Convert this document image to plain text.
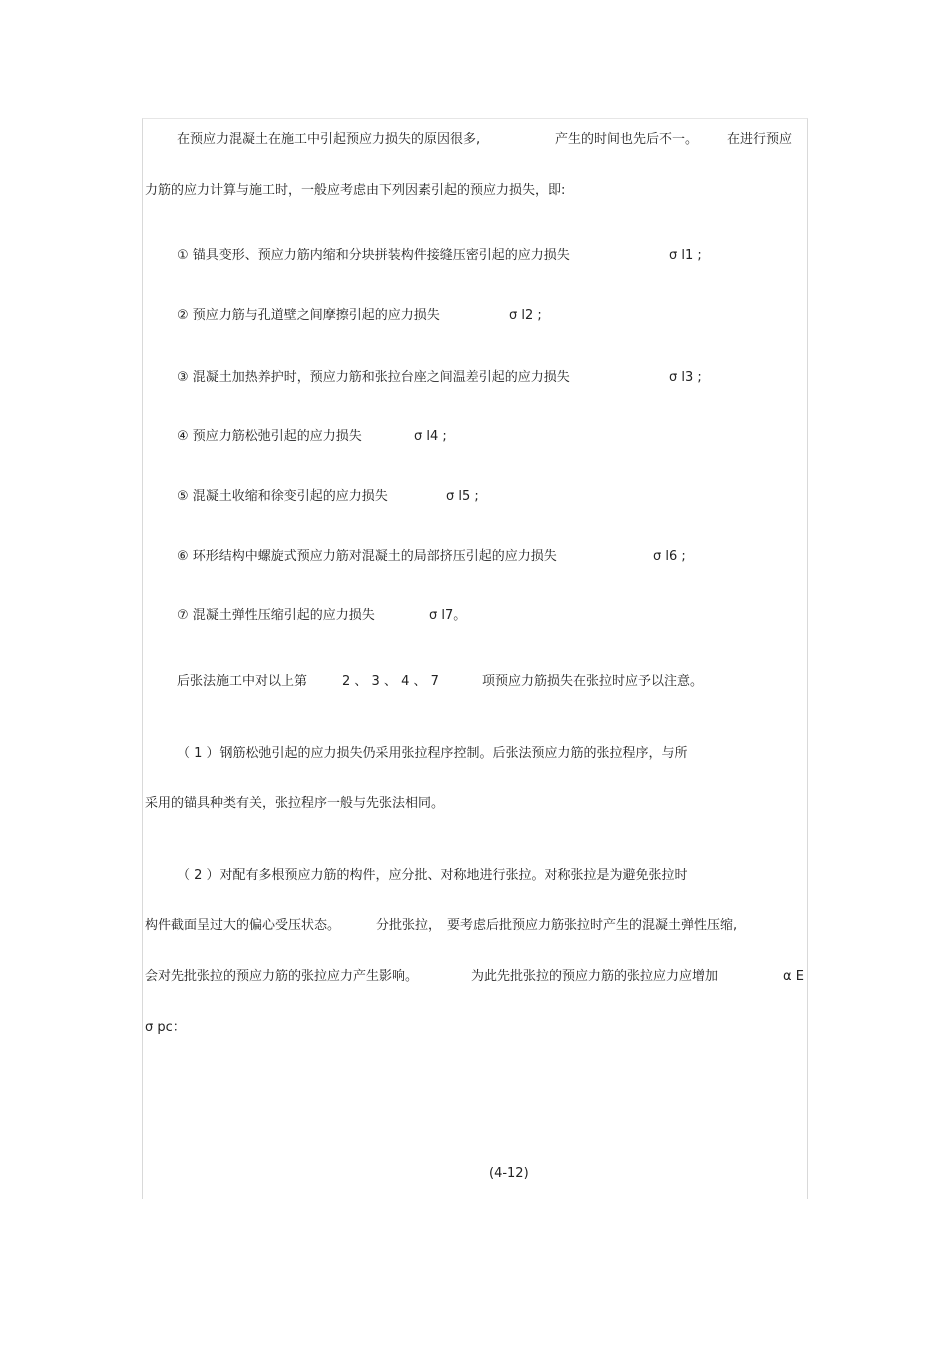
在预应力混凝土在施工中引起预应力损失的原因很多,	产生的时间也先后不一。 在进行预应
力筋的应力计算与施工时，一般应考虑由下列因素引起的预应力损失，即:
① 锚具变形、预应力筋内缩和分块拼装构件接缝压密引起的应力损失	σ l1 ;
② 预应力筋与孔道壁之间摩擦引起的应力损失	σ l2 ;
③ 混凝土加热养护时，预应力筋和张拉台座之间温差引起的应力损失	σ l3 ;
④ 预应力筋松弛引起的应力损失	σ l4 ;
⑤ 混凝土收缩和徐变引起的应力损失	σ l5 ;
⑥ 环形结构中螺旋式预应力筋对混凝土的局部挤压引起的应力损失	σ l6 ;
⑦ 混凝土弹性压缩引起的应力损失	σ l7。
后张法施工中对以上第	2 、 3 、 4 、 7	项预应力筋损失在张拉时应予以注意。
（ 1 ）钢筋松弛引起的应力损失仍采用张拉程序控制。后张法预应力筋的张拉程序，与所
采用的锚具种类有关，张拉程序一般与先张法相同。
（ 2 ）对配有多根预应力筋的构件，应分批、对称地进行张拉。对称张拉是为避免张拉时
构件截面呈过大的偏心受压状态。	分批张拉， 要考虑后批预应力筋张拉时产生的混凝土弹性压缩,
会对先批张拉的预应力筋的张拉应力产生影响。	为此先批张拉的预应力筋的张拉应力应增加	α E
σ pc：
(4-12)
